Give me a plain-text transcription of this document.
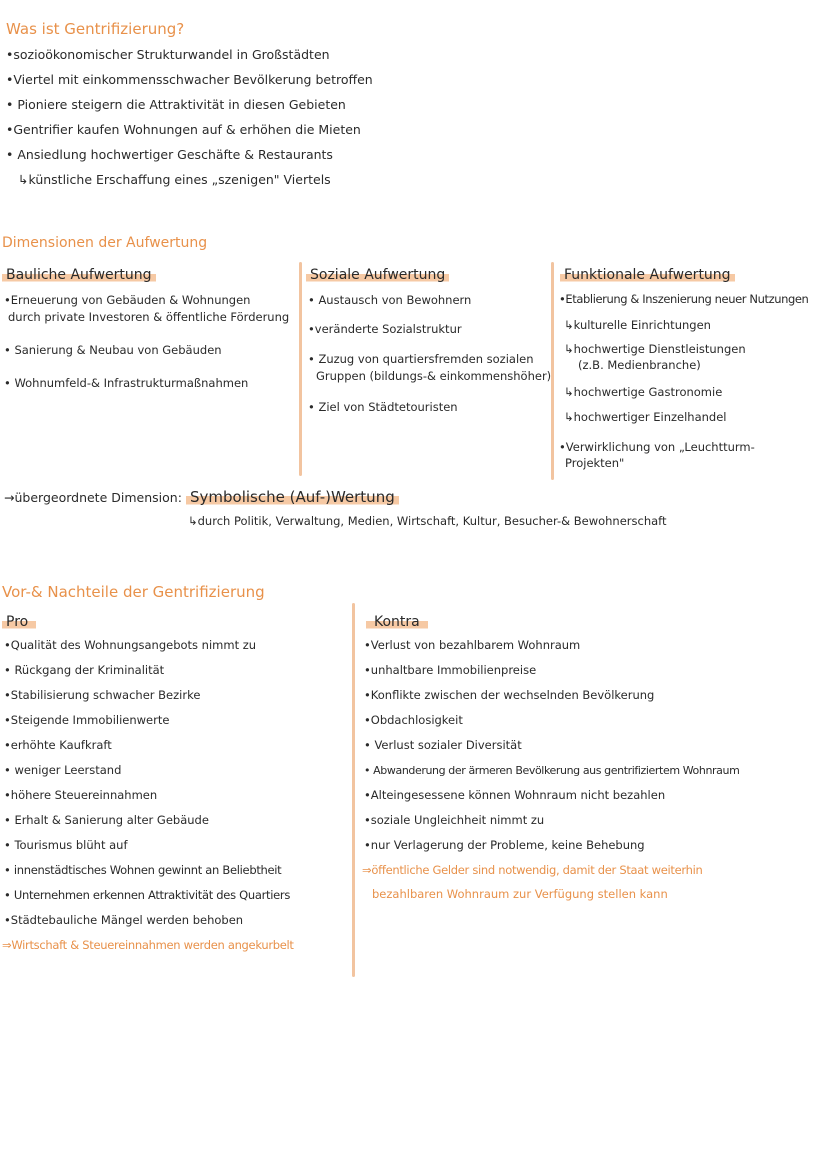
Was ist Gentrifizierung?
•sozioökonomischer Strukturwandel in Großstädten
•Viertel mit einkommensschwacher Bevölkerung betroffen
• Pioniere steigern die Attraktivität in diesen Gebieten
•Gentrifier kaufen Wohnungen auf & erhöhen die Mieten
• Ansiedlung hochwertiger Geschäfte & Restaurants
↳künstliche Erschaffung eines „szenigen" Viertels
Dimensionen der Aufwertung
Bauliche Aufwertung
•Erneuerung von Gebäuden & Wohnungen
durch private Investoren & öffentliche Förderung
• Sanierung & Neubau von Gebäuden
• Wohnumfeld-& Infrastrukturmaßnahmen
Soziale Aufwertung
• Austausch von Bewohnern
•veränderte Sozialstruktur
• Zuzug von quartiersfremden sozialen
Gruppen (bildungs-& einkommenshöher)
• Ziel von Städtetouristen
Funktionale Aufwertung
•Etablierung & Inszenierung neuer Nutzungen
↳kulturelle Einrichtungen
↳hochwertige Dienstleistungen
(z.B. Medienbranche)
↳hochwertige Gastronomie
↳hochwertiger Einzelhandel
•Verwirklichung von „Leuchtturm-
Projekten"
→übergeordnete Dimension: Symbolische (Auf-)Wertung
↳durch Politik, Verwaltung, Medien, Wirtschaft, Kultur, Besucher-& Bewohnerschaft
Vor-& Nachteile der Gentrifizierung
Pro
•Qualität des Wohnungsangebots nimmt zu
• Rückgang der Kriminalität
•Stabilisierung schwacher Bezirke
•Steigende Immobilienwerte
•erhöhte Kaufkraft
• weniger Leerstand
•höhere Steuereinnahmen
• Erhalt & Sanierung alter Gebäude
• Tourismus blüht auf
• innenstädtisches Wohnen gewinnt an Beliebtheit
• Unternehmen erkennen Attraktivität des Quartiers
•Städtebauliche Mängel werden behoben
⇒Wirtschaft & Steuereinnahmen werden angekurbelt
Kontra
•Verlust von bezahlbarem Wohnraum
•unhaltbare Immobilienpreise
•Konflikte zwischen der wechselnden Bevölkerung
•Obdachlosigkeit
• Verlust sozialer Diversität
• Abwanderung der ärmeren Bevölkerung aus gentrifiziertem Wohnraum
•Alteingesessene können Wohnraum nicht bezahlen
•soziale Ungleichheit nimmt zu
•nur Verlagerung der Probleme, keine Behebung
⇒öffentliche Gelder sind notwendig, damit der Staat weiterhin
bezahlbaren Wohnraum zur Verfügung stellen kann
